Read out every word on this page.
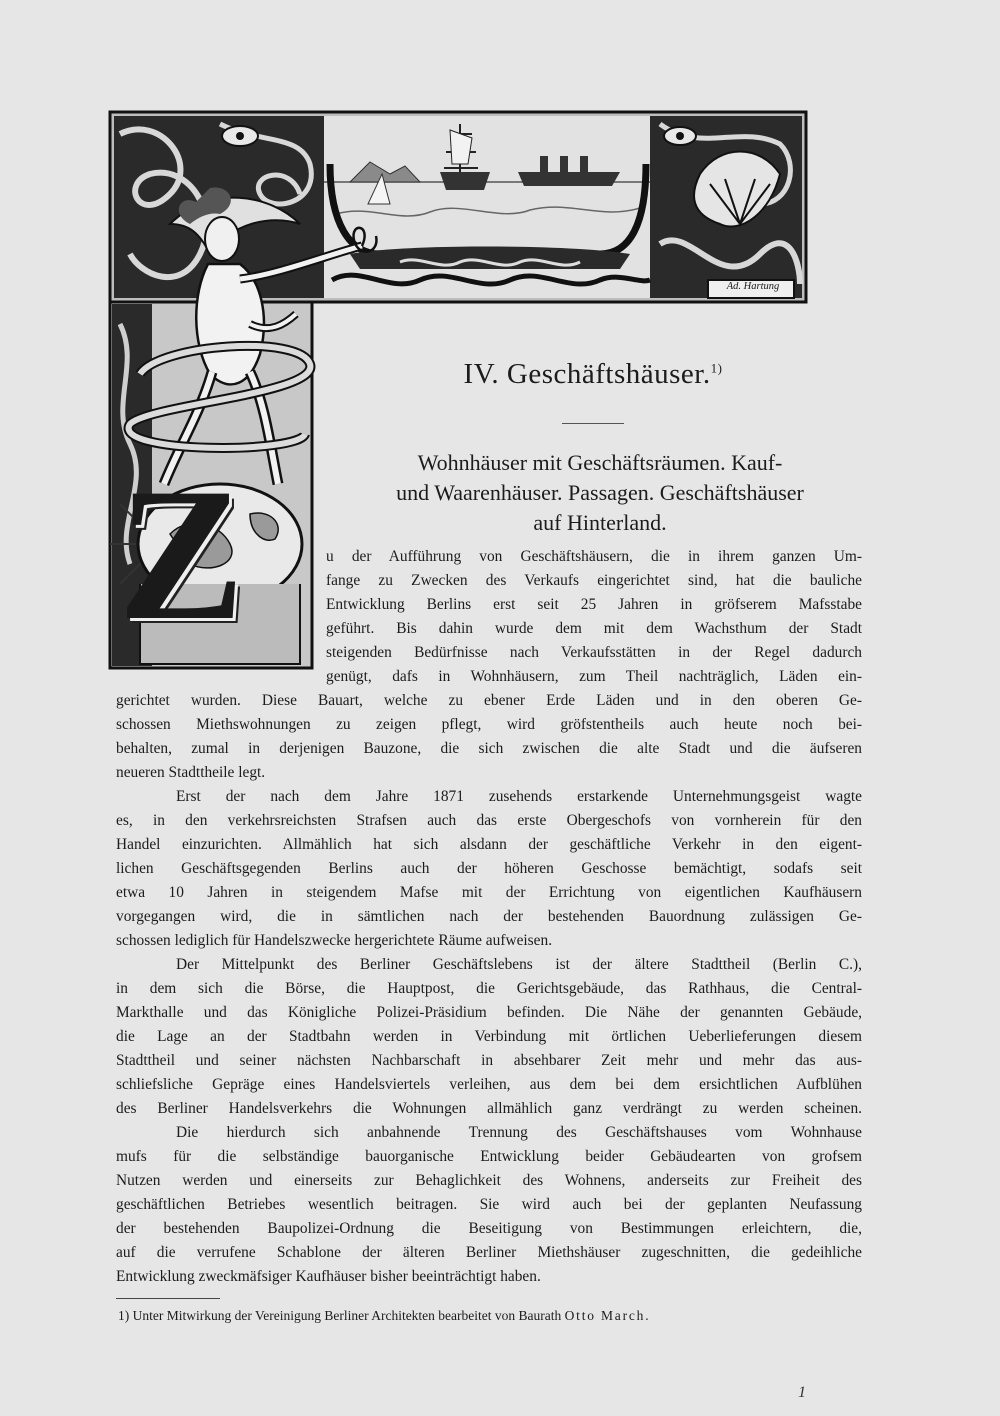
Ad. Hartung
Z
IV. Geschäftshäuser.$^{1)}$
Wohnhäuser mit Geschäftsräumen. Kauf-
und Waarenhäuser. Passagen. Geschäftshäuser
auf Hinterland.

u der Aufführung von Geschäftshäusern, die in ihrem ganzen Um-

fange zu Zwecken des Verkaufs eingerichtet sind, hat die bauliche

Entwicklung Berlins erst seit 25 Jahren in gröfserem Mafsstabe

geführt. Bis dahin wurde dem mit dem Wachsthum der Stadt

steigenden Bedürfnisse nach Verkaufsstätten in der Regel dadurch

genügt, dafs in Wohnhäusern, zum Theil nachträglich, Läden ein-

gerichtet wurden. Diese Bauart, welche zu ebener Erde Läden und in den oberen Ge-

schossen Miethswohnungen zu zeigen pflegt, wird gröfstentheils auch heute noch bei-

behalten, zumal in derjenigen Bauzone, die sich zwischen die alte Stadt und die äufseren

neueren Stadttheile legt.

Erst der nach dem Jahre 1871 zusehends erstarkende Unternehmungsgeist wagte

es, in den verkehrsreichsten Strafsen auch das erste Obergeschofs von vornherein für den

Handel einzurichten. Allmählich hat sich alsdann der geschäftliche Verkehr in den eigent-

lichen Geschäftsgegenden Berlins auch der höheren Geschosse bemächtigt, sodafs seit

etwa 10 Jahren in steigendem Mafse mit der Errichtung von eigentlichen Kaufhäusern

vorgegangen wird, die in sämtlichen nach der bestehenden Bauordnung zulässigen Ge-

schossen lediglich für Handelszwecke hergerichtete Räume aufweisen.

Der Mittelpunkt des Berliner Geschäftslebens ist der ältere Stadttheil (Berlin C.),

in dem sich die Börse, die Hauptpost, die Gerichtsgebäude, das Rathhaus, die Central-

Markthalle und das Königliche Polizei-Präsidium befinden. Die Nähe der genannten Gebäude,

die Lage an der Stadtbahn werden in Verbindung mit örtlichen Ueberlieferungen diesem

Stadttheil und seiner nächsten Nachbarschaft in absehbarer Zeit mehr und mehr das aus-

schliefsliche Gepräge eines Handelsviertels verleihen, aus dem bei dem ersichtlichen Aufblühen

des Berliner Handelsverkehrs die Wohnungen allmählich ganz verdrängt zu werden scheinen.

Die hierdurch sich anbahnende Trennung des Geschäftshauses vom Wohnhause

mufs für die selbständige bauorganische Entwicklung beider Gebäudearten von grofsem

Nutzen werden und einerseits zur Behaglichkeit des Wohnens, anderseits zur Freiheit des

geschäftlichen Betriebes wesentlich beitragen. Sie wird auch bei der geplanten Neufassung

der bestehenden Baupolizei-Ordnung die Beseitigung von Bestimmungen erleichtern, die,

auf die verrufene Schablone der älteren Berliner Miethshäuser zugeschnitten, die gedeihliche

Entwicklung zweckmäfsiger Kaufhäuser bisher beeinträchtigt haben.

1) Unter Mitwirkung der Vereinigung Berliner Architekten bearbeitet von Baurath Otto March.

1
